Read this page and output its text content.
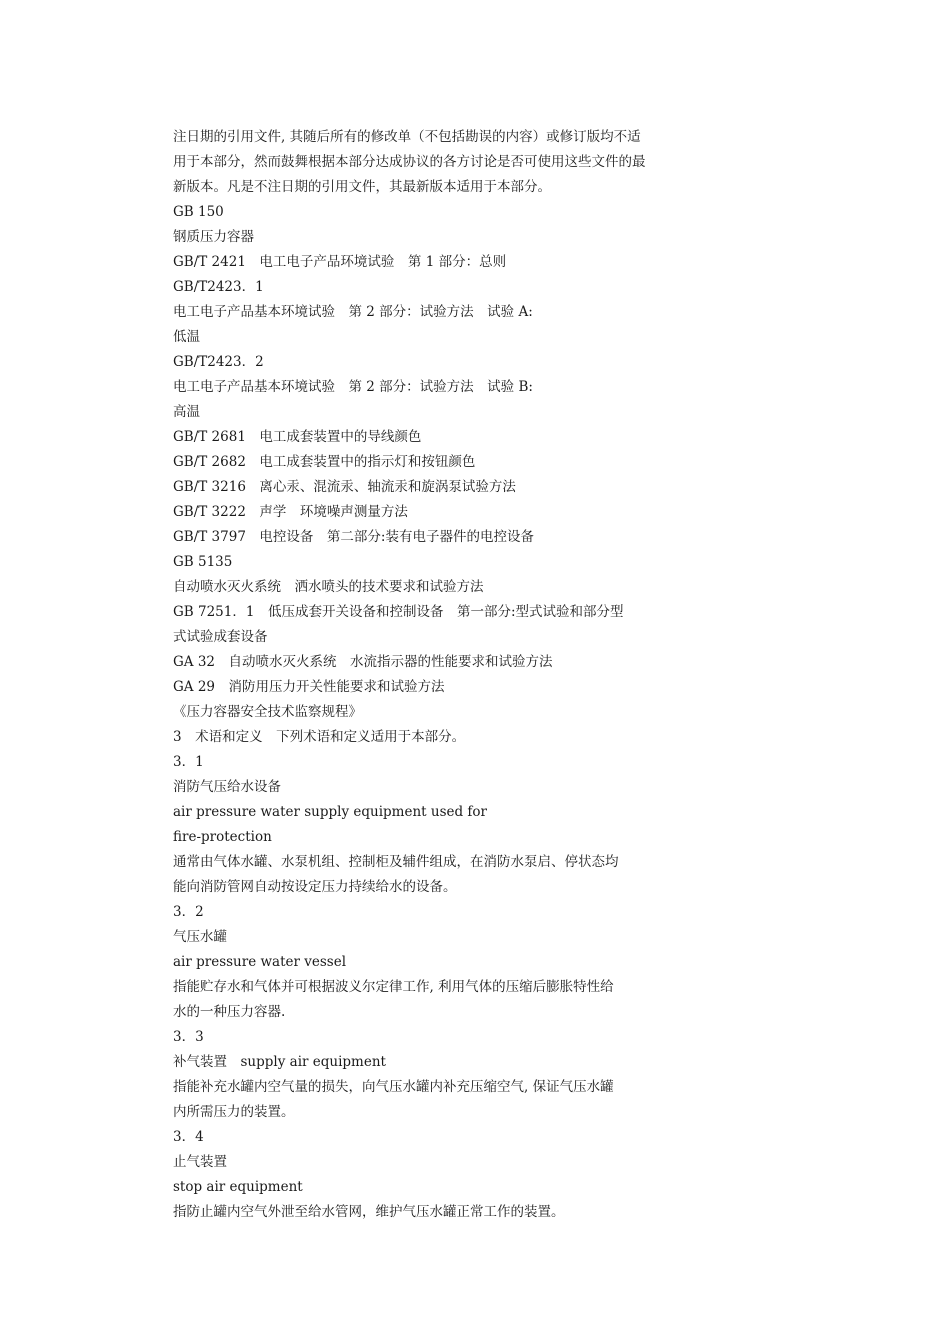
注日期的引用文件, 其随后所有的修改单（不包括勘误的内容）或修订版均不适
用于本部分，然而鼓舞根据本部分达成协议的各方讨论是否可使用这些文件的最
新版本。凡是不注日期的引用文件，其最新版本适用于本部分。
GB 150
钢质压力容器
GB/T 2421　电工电子产品环境试验　第 1 部分：总则
GB/T2423．1
电工电子产品基本环境试验　第 2 部分：试验方法　试验 A:
低温
GB/T2423．2
电工电子产品基本环境试验　第 2 部分：试验方法　试验 B:
高温
GB/T 2681　电工成套装置中的导线颜色
GB/T 2682　电工成套装置中的指示灯和按钮颜色
GB/T 3216　离心汞、混流汞、轴流汞和旋涡泵试验方法
GB/T 3222　声学　环境噪声测量方法
GB/T 3797　电控设备　第二部分:装有电子器件的电控设备
GB 5135
自动喷水灭火系统　洒水喷头的技术要求和试验方法
GB 7251．1　低压成套开关设备和控制设备　第一部分:型式试验和部分型
式试验成套设备
GA 32　自动喷水灭火系统　水流指示器的性能要求和试验方法
GA 29　消防用压力开关性能要求和试验方法
《压力容器安全技术监察规程》
3　术语和定义　下列术语和定义适用于本部分。
3．1
消防气压给水设备
air pressure water supply equipment used for
fire-protection
通常由气体水罐、水泵机组、控制柜及辅件组成，在消防水泵启、停状态均
能向消防管网自动按设定压力持续给水的设备。
3．2
气压水罐
air pressure water vessel
指能贮存水和气体并可根据波义尔定律工作, 利用气体的压缩后膨胀特性给
水的一种压力容器.
3．3
补气装置　supply air equipment
指能补充水罐内空气量的损失，向气压水罐内补充压缩空气, 保证气压水罐
内所需压力的装置。
3．4
止气装置
stop air equipment
指防止罐内空气外泄至给水管网，维护气压水罐正常工作的装置。
